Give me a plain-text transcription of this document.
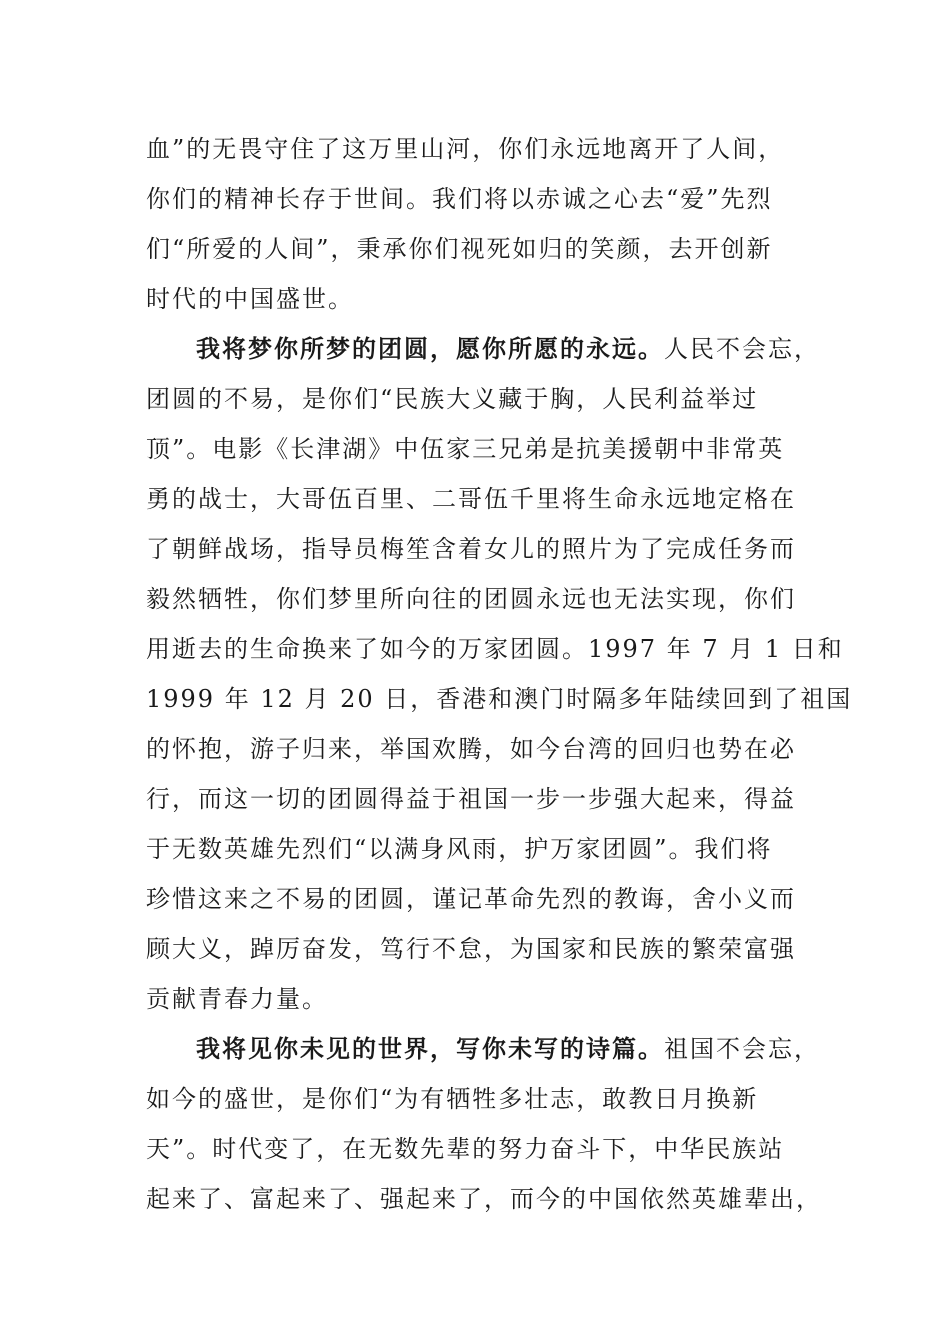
血”的无畏守住了这万里山河，你们永远地离开了人间，
你们的精神长存于世间。我们将以赤诚之心去“爱”先烈
们“所爱的人间”，秉承你们视死如归的笑颜，去开创新
时代的中国盛世。
我将梦你所梦的团圆，愿你所愿的永远。人民不会忘，
团圆的不易，是你们“民族大义藏于胸，人民利益举过
顶”。电影《长津湖》中伍家三兄弟是抗美援朝中非常英
勇的战士，大哥伍百里、二哥伍千里将生命永远地定格在
了朝鲜战场，指导员梅笙含着女儿的照片为了完成任务而
毅然牺牲，你们梦里所向往的团圆永远也无法实现，你们
用逝去的生命换来了如今的万家团圆。1997 年 7 月 1 日和
1999 年 12 月 20 日，香港和澳门时隔多年陆续回到了祖国
的怀抱，游子归来，举国欢腾，如今台湾的回归也势在必
行，而这一切的团圆得益于祖国一步一步强大起来，得益
于无数英雄先烈们“以满身风雨，护万家团圆”。我们将
珍惜这来之不易的团圆，谨记革命先烈的教诲，舍小义而
顾大义，踔厉奋发，笃行不怠，为国家和民族的繁荣富强
贡献青春力量。
我将见你未见的世界，写你未写的诗篇。祖国不会忘，
如今的盛世，是你们“为有牺牲多壮志，敢教日月换新
天”。时代变了，在无数先辈的努力奋斗下，中华民族站
起来了、富起来了、强起来了，而今的中国依然英雄辈出，
